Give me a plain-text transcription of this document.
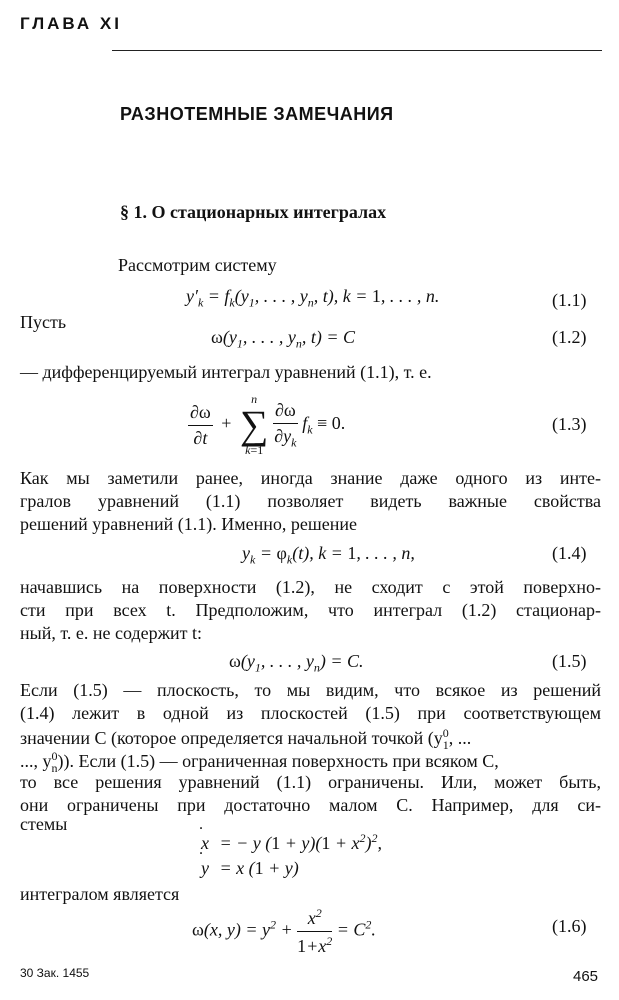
ГЛАВА XI
РАЗНОТЕМНЫЕ ЗАМЕЧАНИЯ
§ 1. О стационарных интегралах
Рассмотрим систему
$y'_k = f_k(y_1$, . . . , $y_n$, t), k = 1, . . . , n.	(1.1)
Пусть
$\omega(y_1$, . . . , $y_n$, t) = C	(1.2)
— дифференцируемый интеграл уравнений (1.1), т. е.
$\frac{\partial\omega}{\partial t}$ +
n
∑
k=1
$\frac{\partial\omega}{\partial y_k} f_k \equiv 0$.	(1.3)
Как мы заметили ранее, иногда знание даже одного из инте-
гралов уравнений (1.1) позволяет видеть важные свойства
решений уравнений (1.1). Именно, решение
$y_k = \varphi_k(t)$, k = 1, . . . , n,	(1.4)
начавшись на поверхности (1.2), не сходит с этой поверхно-
сти при всех t. Предположим, что интеграл (1.2) стационар-
ный, т. е. не содержит t:
$\omega(y_1$, . . . , $y_n) = C$.	(1.5)
Если (1.5) — плоскость, то мы видим, что всякое из решений
(1.4) лежит в одной из плоскостей (1.5) при соответствующем
значении C (которое определяется начальной точкой ($y^0_1$, ...
..., $y^0_n$)). Если (1.5) — ограниченная поверхность при всяком C,
то все решения уравнений (1.1) ограничены. Или, может быть,
они ограничены при достаточно малом C. Например, для си-
стемы
x˙ = − y $(1 + y)(1 + x^2)^2$,
y˙ = x (1 + y)
интегралом является
ω(x, $y) = y^2 + \frac{x^2}{1+x^2} = C^2$.	(1.6)
30 Зак. 1455	465
